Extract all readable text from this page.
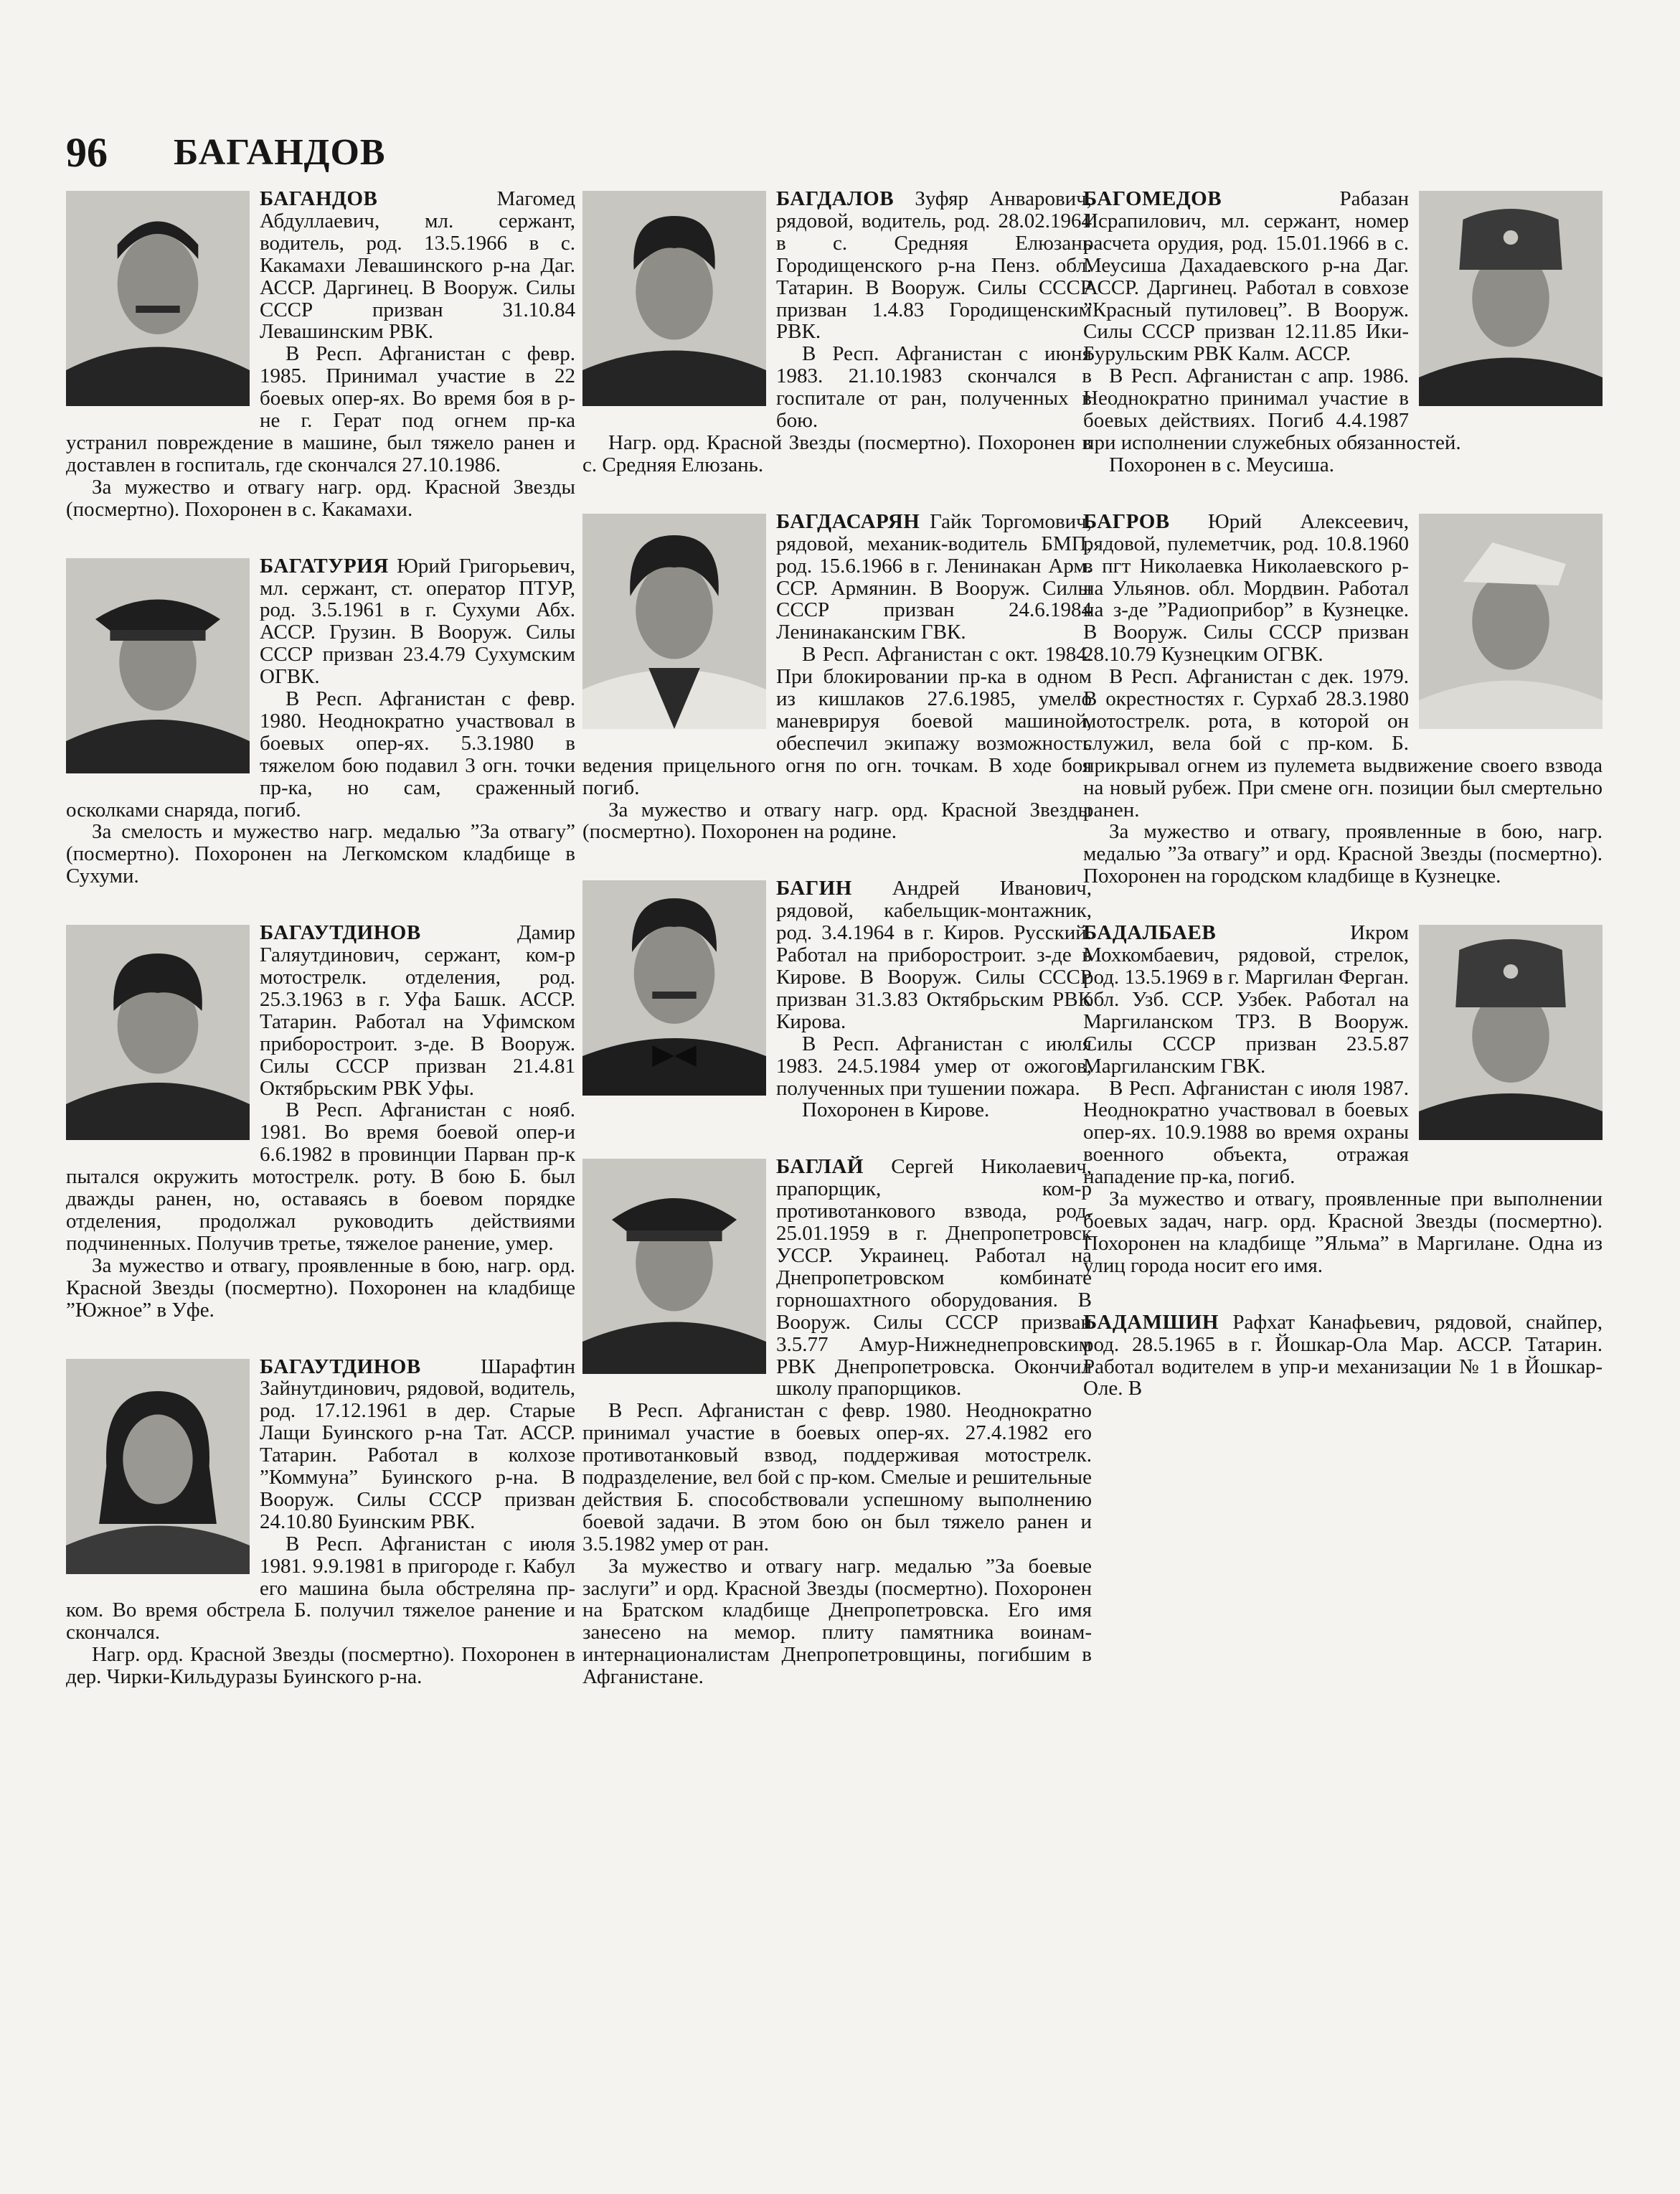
96 БАГАНДОВ

БАГАНДОВ Магомед Абдуллаевич, мл. сержант, водитель, род. 13.5.1966 в с. Какамахи Левашинского р-на Даг. АССР. Даргинец. В Вооруж. Силы СССР призван 31.10.84 Левашинским РВК.

В Респ. Афганистан с февр. 1985. Принимал участие в 22 боевых опер-ях. Во время боя в р-не г. Герат под огнем пр-ка устранил повреждение в машине, был тяжело ранен и доставлен в госпиталь, где скончался 27.10.1986.

За мужество и отвагу нагр. орд. Красной Звезды (посмертно). Похоронен в с. Какамахи.

БАГАТУРИЯ Юрий Григорьевич, мл. сержант, ст. оператор ПТУР, род. 3.5.1961 в г. Сухуми Абх. АССР. Грузин. В Вооруж. Силы СССР призван 23.4.79 Сухумским ОГВК.

В Респ. Афганистан с февр. 1980. Неоднократно участвовал в боевых опер-ях. 5.3.1980 в тяжелом бою подавил 3 огн. точки пр-ка, но сам, сраженный осколками снаряда, погиб.

За смелость и мужество нагр. медалью ”За отвагу” (посмертно). Похоронен на Легкомском кладбище в Сухуми.

БАГАУТДИНОВ Дамир Галяутдинович, сержант, ком-р мотострелк. отделения, род. 25.3.1963 в г. Уфа Башк. АССР. Татарин. Работал на Уфимском приборостроит. з-де. В Вооруж. Силы СССР призван 21.4.81 Октябрьским РВК Уфы.

В Респ. Афганистан с нояб. 1981. Во время боевой опер-и 6.6.1982 в провинции Парван пр-к пытался окружить мотострелк. роту. В бою Б. был дважды ранен, но, оставаясь в боевом порядке отделения, продолжал руководить действиями подчиненных. Получив третье, тяжелое ранение, умер.

За мужество и отвагу, проявленные в бою, нагр. орд. Красной Звезды (посмертно). Похоронен на кладбище ”Южное” в Уфе.

БАГАУТДИНОВ Шарафтин Зайнутдинович, рядовой, водитель, род. 17.12.1961 в дер. Старые Лащи Буинского р-на Тат. АССР. Татарин. Работал в колхозе ”Коммуна” Буинского р-на. В Вооруж. Силы СССР призван 24.10.80 Буинским РВК.

В Респ. Афганистан с июля 1981. 9.9.1981 в пригороде г. Кабул его машина была обстреляна пр-ком. Во время обстрела Б. получил тяжелое ранение и скончался.

Нагр. орд. Красной Звезды (посмертно). Похоронен в дер. Чирки-Кильдуразы Буинского р-на.

БАГДАЛОВ Зуфяр Анварович, рядовой, водитель, род. 28.02.1964 в с. Средняя Елюзань Городищенского р-на Пенз. обл. Татарин. В Вооруж. Силы СССР призван 1.4.83 Городищенским РВК.

В Респ. Афганистан с июня 1983. 21.10.1983 скончался в госпитале от ран, полученных в бою.

Нагр. орд. Красной Звезды (посмертно). Похоронен в с. Средняя Елюзань.

БАГДАСАРЯН Гайк Торгомович, рядовой, механик-водитель БМП, род. 15.6.1966 в г. Ленинакан Арм. ССР. Армянин. В Вооруж. Силы СССР призван 24.6.1984 Ленинаканским ГВК.

В Респ. Афганистан с окт. 1984. При блокировании пр-ка в одном из кишлаков 27.6.1985, умело маневрируя боевой машиной, обеспечил экипажу возможность ведения прицельного огня по огн. точкам. В ходе боя погиб.

За мужество и отвагу нагр. орд. Красной Звезды (посмертно). Похоронен на родине.

БАГИН Андрей Иванович, рядовой, кабельщик-монтажник, род. 3.4.1964 в г. Киров. Русский. Работал на приборостроит. з-де в Кирове. В Вооруж. Силы СССР призван 31.3.83 Октябрьским РВК Кирова.

В Респ. Афганистан с июля 1983. 24.5.1984 умер от ожогов, полученных при тушении пожара.

Похоронен в Кирове.

БАГЛАЙ Сергей Николаевич, прапорщик, ком-р противотанкового взвода, род. 25.01.1959 в г. Днепропетровск УССР. Украинец. Работал на Днепропетровском комбинате горношахтного оборудования. В Вооруж. Силы СССР призван 3.5.77 Амур-Нижнеднепровским РВК Днепропетровска. Окончил школу прапорщиков.

В Респ. Афганистан с февр. 1980. Неоднократно принимал участие в боевых опер-ях. 27.4.1982 его противотанковый взвод, поддерживая мотострелк. подразделение, вел бой с пр-ком. Смелые и решительные действия Б. способствовали успешному выполнению боевой задачи. В этом бою он был тяжело ранен и 3.5.1982 умер от ран.

За мужество и отвагу нагр. медалью ”За боевые заслуги” и орд. Красной Звезды (посмертно). Похоронен на Братском кладбище Днепропетровска. Его имя занесено на мемор. плиту памятника воинам-интернационалистам Днепропетровщины, погибшим в Афганистане.

БАГОМЕДОВ Рабазан Исрапилович, мл. сержант, номер расчета орудия, род. 15.01.1966 в с. Меусиша Дахадаевского р-на Даг. АССР. Даргинец. Работал в совхозе ”Красный путиловец”. В Вооруж. Силы СССР призван 12.11.85 Ики-Бурульским РВК Калм. АССР.

В Респ. Афганистан с апр. 1986. Неоднократно принимал участие в боевых действиях. Погиб 4.4.1987 при исполнении служебных обязанностей.

Похоронен в с. Меусиша.

БАГРОВ Юрий Алексеевич, рядовой, пулеметчик, род. 10.8.1960 в пгт Николаевка Николаевского р-на Ульянов. обл. Мордвин. Работал на з-де ”Радиоприбор” в Кузнецке. В Вооруж. Силы СССР призван 28.10.79 Кузнецким ОГВК.

В Респ. Афганистан с дек. 1979. В окрестностях г. Сурхаб 28.3.1980 мотострелк. рота, в которой он служил, вела бой с пр-ком. Б. прикрывал огнем из пулемета выдвижение своего взвода на новый рубеж. При смене огн. позиции был смертельно ранен.

За мужество и отвагу, проявленные в бою, нагр. медалью ”За отвагу” и орд. Красной Звезды (посмертно). Похоронен на городском кладбище в Кузнецке.

БАДАЛБАЕВ Икром Мохкомбаевич, рядовой, стрелок, род. 13.5.1969 в г. Маргилан Ферган. обл. Узб. ССР. Узбек. Работал на Маргиланском ТРЗ. В Вооруж. Силы СССР призван 23.5.87 Маргиланским ГВК.

В Респ. Афганистан с июля 1987. Неоднократно участвовал в боевых опер-ях. 10.9.1988 во время охраны военного объекта, отражая нападение пр-ка, погиб.

За мужество и отвагу, проявленные при выполнении боевых задач, нагр. орд. Красной Звезды (посмертно). Похоронен на кладбище ”Яльма” в Маргилане. Одна из улиц города носит его имя.

БАДАМШИН Рафхат Канафьевич, рядовой, снайпер, род. 28.5.1965 в г. Йошкар-Ола Мар. АССР. Татарин. Работал водителем в упр-и механизации № 1 в Йошкар-Оле. В
